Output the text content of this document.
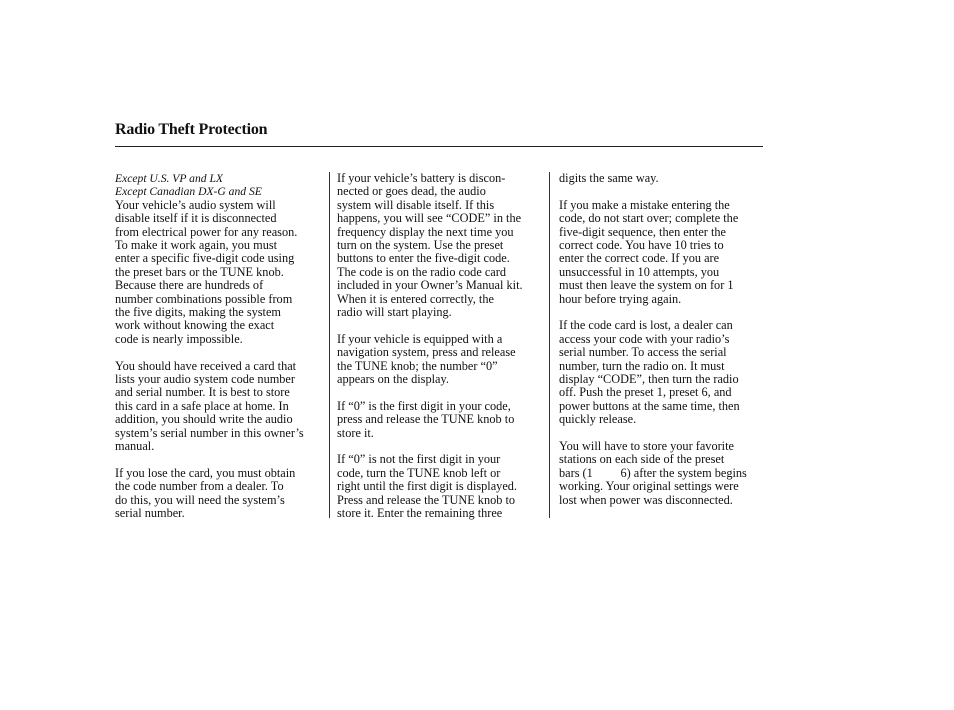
Radio Theft Protection
Except U.S. VP and LX
Except Canadian DX-G and SE
Your vehicle’s audio system will
disable itself if it is disconnected
from electrical power for any reason.
To make it work again, you must
enter a specific five-digit code using
the preset bars or the TUNE knob.
Because there are hundreds of
number combinations possible from
the five digits, making the system
work without knowing the exact
code is nearly impossible.
You should have received a card that
lists your audio system code number
and serial number. It is best to store
this card in a safe place at home. In
addition, you should write the audio
system’s serial number in this owner’s
manual.
If you lose the card, you must obtain
the code number from a dealer. To
do this, you will need the system’s
serial number.
If your vehicle’s battery is discon-
nected or goes dead, the audio
system will disable itself. If this
happens, you will see “CODE” in the
frequency display the next time you
turn on the system. Use the preset
buttons to enter the five-digit code.
The code is on the radio code card
included in your Owner’s Manual kit.
When it is entered correctly, the
radio will start playing.
If your vehicle is equipped with a
navigation system, press and release
the TUNE knob; the number “0”
appears on the display.
If “0” is the first digit in your code,
press and release the TUNE knob to
store it.
If “0” is not the first digit in your
code, turn the TUNE knob left or
right until the first digit is displayed.
Press and release the TUNE knob to
store it. Enter the remaining three
digits the same way.
If you make a mistake entering the
code, do not start over; complete the
five-digit sequence, then enter the
correct code. You have 10 tries to
enter the correct code. If you are
unsuccessful in 10 attempts, you
must then leave the system on for 1
hour before trying again.
If the code card is lost, a dealer can
access your code with your radio’s
serial number. To access the serial
number, turn the radio on. It must
display “CODE”, then turn the radio
off. Push the preset 1, preset 6, and
power buttons at the same time, then
quickly release.
You will have to store your favorite
stations on each side of the preset
bars (1   6) after the system begins
working. Your original settings were
lost when power was disconnected.
